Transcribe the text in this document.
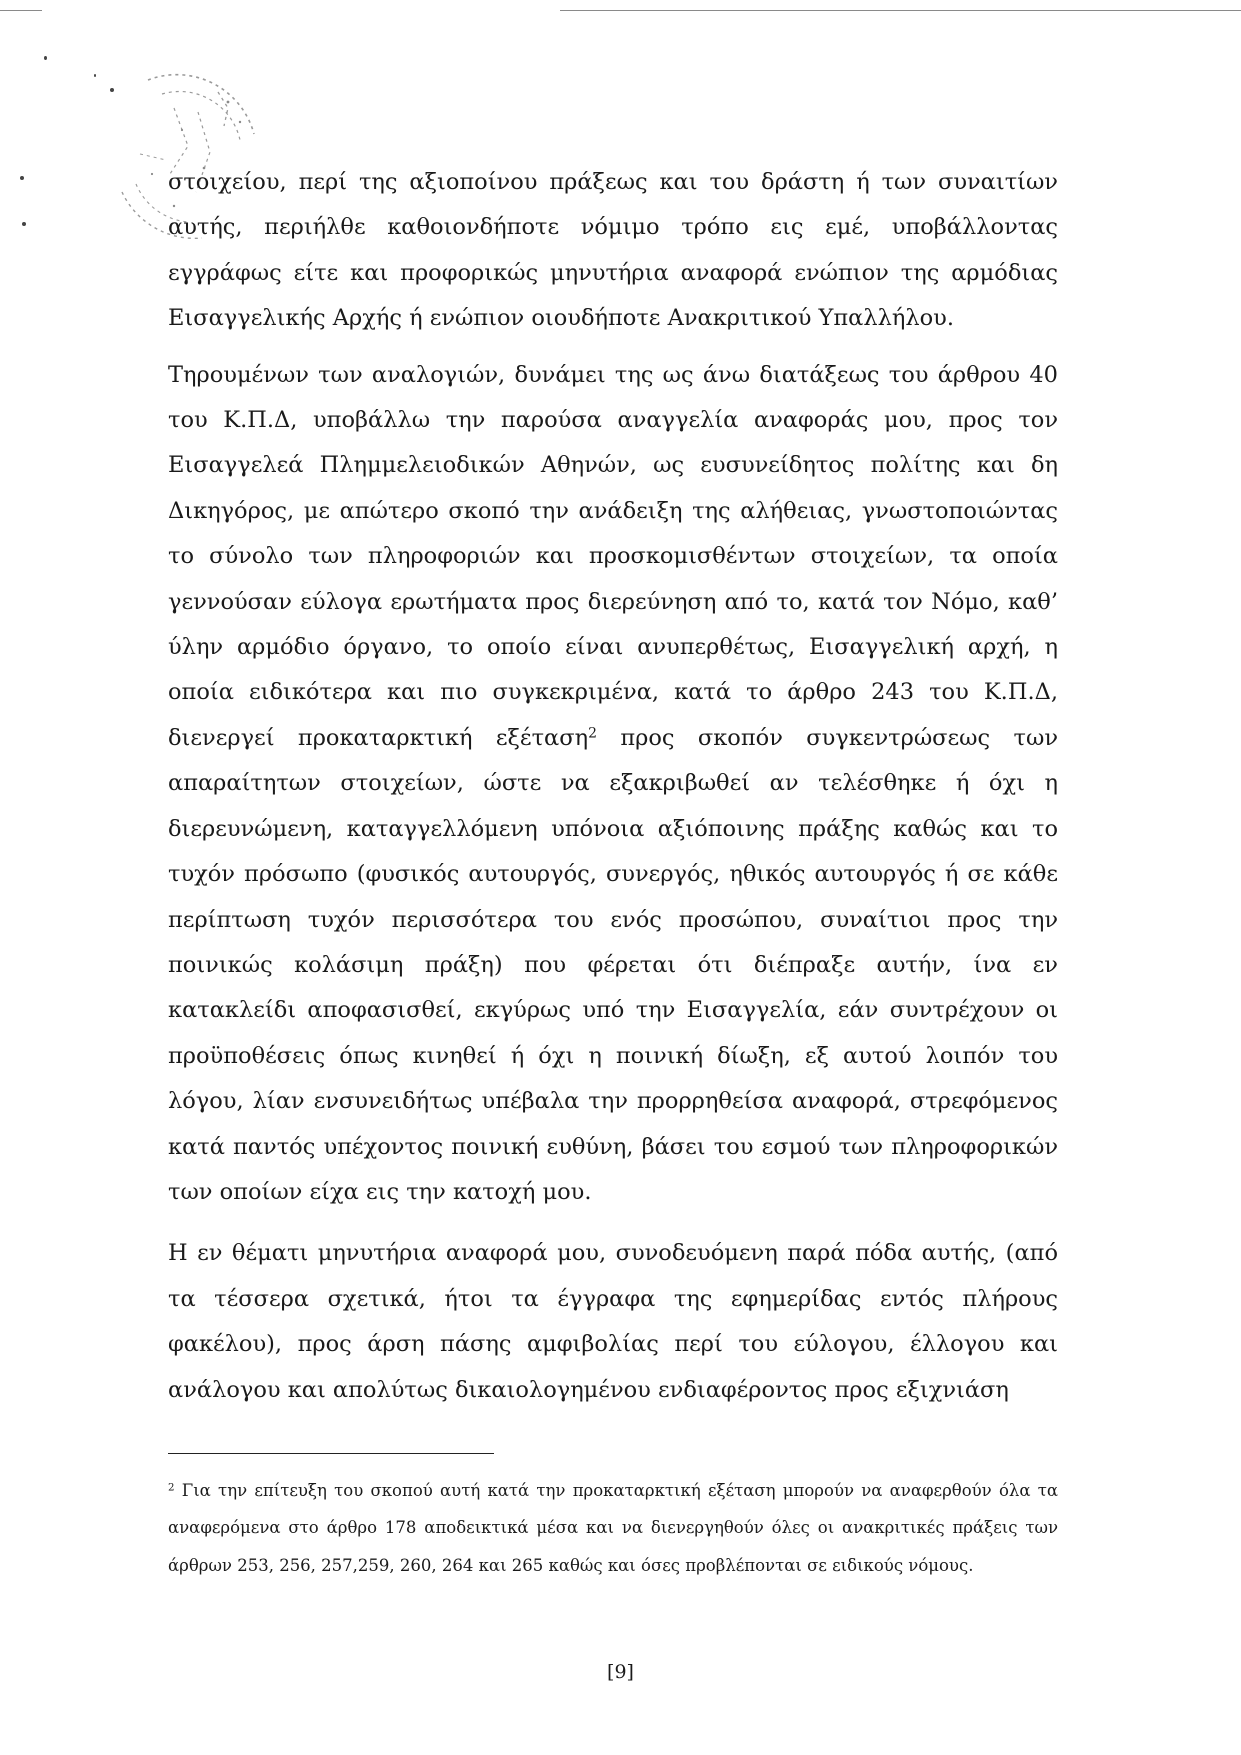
στοιχείου, περί της αξιοποίνου πράξεως και του δράστη ή των συναιτίων αυτής, περιήλθε καθοιονδήποτε νόμιμο τρόπο εις εμέ, υποβάλλοντας εγγράφως είτε και προφορικώς μηνυτήρια αναφορά ενώπιον της αρμόδιας Εισαγγελικής Αρχής ή ενώπιον οιουδήποτε Ανακριτικού Υπαλλήλου.

Τηρουμένων των αναλογιών, δυνάμει της ως άνω διατάξεως του άρθρου 40 του Κ.Π.Δ, υποβάλλω την παρούσα αναγγελία αναφοράς μου, προς τον Εισαγγελεά Πλημμελειοδικών Αθηνών, ως ευσυνείδητος πολίτης και δη Δικηγόρος, με απώτερο σκοπό την ανάδειξη της αλήθειας, γνωστοποιώντας το σύνολο των πληροφοριών και προσκομισθέντων στοιχείων, τα οποία γεννούσαν εύλογα ερωτήματα προς διερεύνηση από το, κατά τον Νόμο, καθ’ ύλην αρμόδιο όργανο, το οποίο είναι ανυπερθέτως, Εισαγγελική αρχή, η οποία ειδικότερα και πιο συγκεκριμένα, κατά το άρθρο 243 του Κ.Π.Δ, διενεργεί προκαταρκτική εξέταση$^2$ προς σκοπόν συγκεντρώσεως των απαραίτητων στοιχείων, ώστε να εξακριβωθεί αν τελέσθηκε ή όχι η διερευνώμενη, καταγγελλόμενη υπόνοια αξιόποινης πράξης καθώς και το τυχόν πρόσωπο (φυσικός αυτουργός, συνεργός, ηθικός αυτουργός ή σε κάθε περίπτωση τυχόν περισσότερα του ενός προσώπου, συναίτιοι προς την ποινικώς κολάσιμη πράξη) που φέρεται ότι διέπραξε αυτήν, ίνα εν κατακλείδι αποφασισθεί, εκγύρως υπό την Εισαγγελία, εάν συντρέχουν οι προϋποθέσεις όπως κινηθεί ή όχι η ποινική δίωξη, εξ αυτού λοιπόν του λόγου, λίαν ενσυνειδήτως υπέβαλα την προρρηθείσα αναφορά, στρεφόμενος κατά παντός υπέχοντος ποινική ευθύνη, βάσει του εσμού των πληροφορικών των οποίων είχα εις την κατοχή μου.

Η εν θέματι μηνυτήρια αναφορά μου, συνοδευόμενη παρά πόδα αυτής, (από τα τέσσερα σχετικά, ήτοι τα έγγραφα της εφημερίδας εντός πλήρους φακέλου), προς άρση πάσης αμφιβολίας περί του εύλογου, έλλογου και ανάλογου και απολύτως δικαιολογημένου ενδιαφέροντος προς εξιχνιάση

$^2$ Για την επίτευξη του σκοπού αυτή κατά την προκαταρκτική εξέταση μπορούν να αναφερθούν όλα τα αναφερόμενα στο άρθρο 178 αποδεικτικά μέσα και να διενεργηθούν όλες οι ανακριτικές πράξεις των άρθρων 253, 256, 257,259, 260, 264 και 265 καθώς και όσες προβλέπονται σε ειδικούς νόμους.

[9]
